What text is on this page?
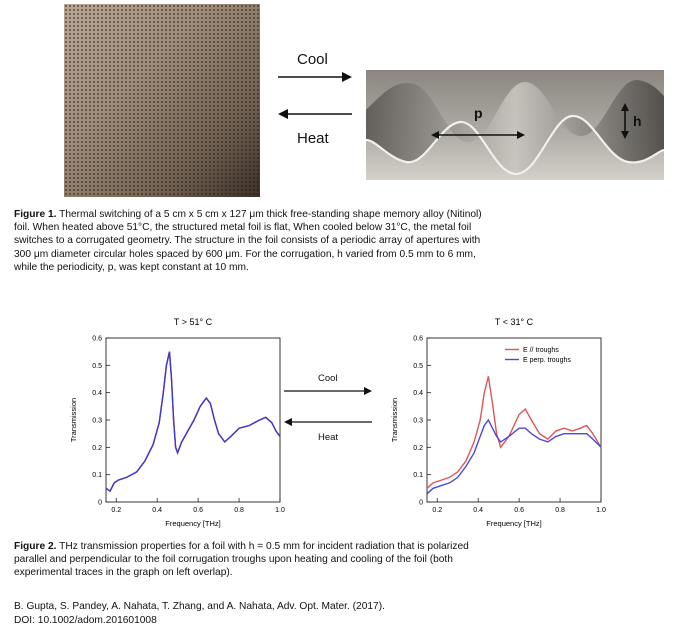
Cool
Heat
p	h
Figure 1. Thermal switching of a 5 cm x 5 cm x 127 μm thick free-standing shape memory alloy (Nitinol)
foil. When heated above 51°C, the structured metal foil is flat, When cooled below 31°C, the metal foil
switches to a corrugated geometry. The structure in the foil consists of a periodic array of apertures with
300 μm diameter circular holes spaced by 600 μm. For the corrugation, h varied from 0.5 mm to 6 mm,
while the periodicity, p, was kept constant at 10 mm.
T > 51° C
0.2	0.4	0.6	0.8	1.0
0
0.1
0.2
0.3
0.4
0.5
0.6
Frequency [THz]
Transmission
T < 31° C
0.2	0.4	0.6	0.8	1.0
0
0.1
0.2
0.3
0.4
0.5
0.6
Frequency [THz]
Transmission
E // troughs
E perp. troughs
Cool
Heat
Figure 2. THz transmission properties for a foil with h = 0.5 mm for incident radiation that is polarized
parallel and perpendicular to the foil corrugation troughs upon heating and cooling of the foil (both
experimental traces in the graph on left overlap).
B. Gupta, S. Pandey, A. Nahata, T. Zhang, and A. Nahata, Adv. Opt. Mater. (2017).
DOI: 10.1002/adom.201601008
